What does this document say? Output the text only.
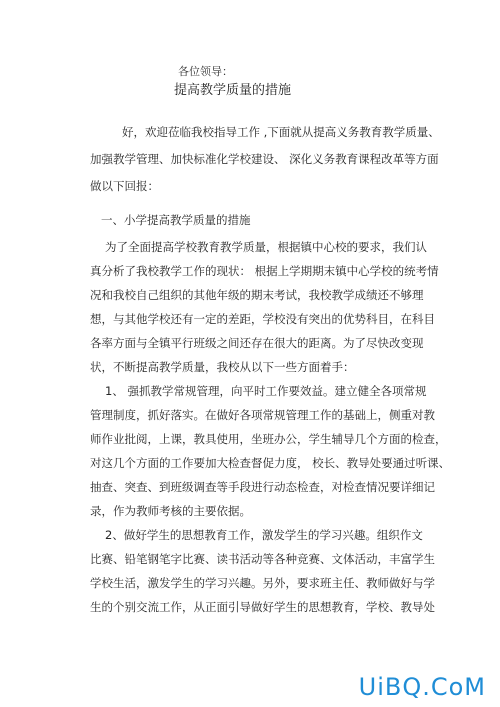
各位领导：
提高教学质量的措施
好，欢迎莅临我校指导工作 ,下面就从提高义务教育教学质量、
加强教学管理、加快标准化学校建设、 深化义务教育课程改革等方面
做以下回报：
一、小学提高教学质量的措施
为了全面提高学校教育教学质量，根据镇中心校的要求，我们认
真分析了我校教学工作的现状： 根据上学期期末镇中心学校的统考情
况和我校自己组织的其他年级的期末考试，我校教学成绩还不够理
想，与其他学校还有一定的差距，学校没有突出的优势科目，在科目
各率方面与全镇平行班级之间还存在很大的距离。为了尽快改变现
状，不断提高教学质量，我校从以下一些方面着手：
1、 强抓教学常规管理，向平时工作要效益。建立健全各项常规
管理制度，抓好落实。在做好各项常规管理工作的基础上，侧重对教
师作业批阅，上课，教具使用，坐班办公，学生辅导几个方面的检查，
对这几个方面的工作要加大检查督促力度， 校长、教导处要通过听课、
抽查、突查、到班级调查等手段进行动态检查，对检查情况要详细记
录，作为教师考核的主要依据。
2、做好学生的思想教育工作，激发学生的学习兴趣。组织作文
比赛、铅笔钢笔字比赛、读书活动等各种竞赛、文体活动，丰富学生
学校生活，激发学生的学习兴趣。另外，要求班主任、教师做好与学
生的个别交流工作，从正面引导做好学生的思想教育，学校、教导处
UiBQ.CoM
